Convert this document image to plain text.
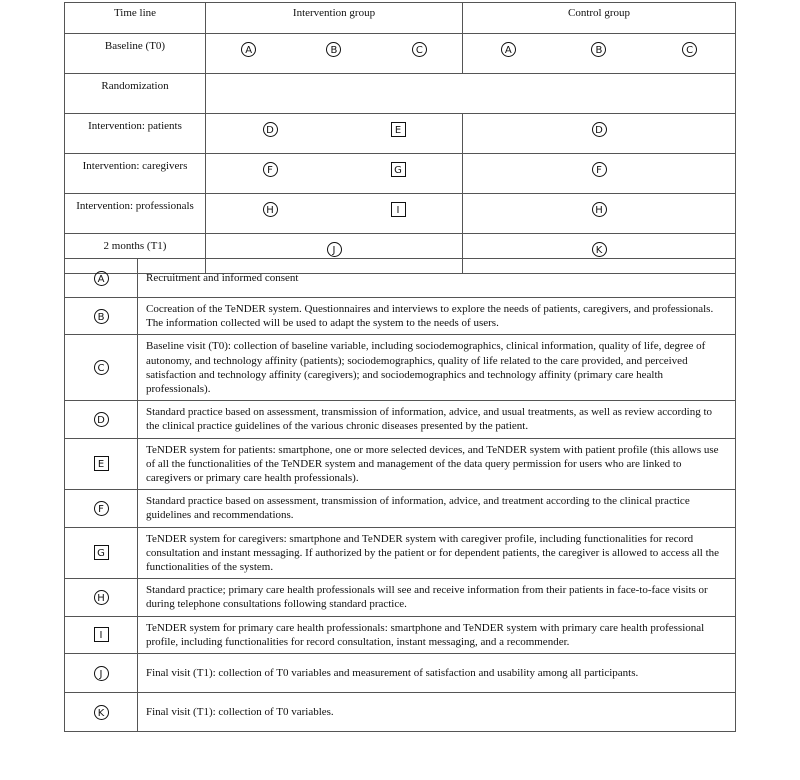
Time line	Intervention group	Control group
Baseline (T0)	A B C	A B C

Randomization		
Intervention: patients	D E	D

Intervention: caregivers	F G	F

Intervention: professionals	H I	H

2 months (T1)	J	K
A	Recruitment and informed consent
B	Cocreation of the TeNDER system. Questionnaires and interviews to explore the needs of patients, caregivers, and professionals. The information collected will be used to adapt the system to the needs of users.
C	Baseline visit (T0): collection of baseline variable, including sociodemographics, clinical information, quality of life, degree of autonomy, and technology affinity (patients); sociodemographics, quality of life related to the care provided, and perceived satisfaction and technology affinity (caregivers); and sociodemographics and technology affinity (primary care health professionals).
D	Standard practice based on assessment, transmission of information, advice, and usual treatments, as well as review according to the clinical practice guidelines of the various chronic diseases presented by the patient.
E	TeNDER system for patients: smartphone, one or more selected devices, and TeNDER system with patient profile (this allows use of all the functionalities of the TeNDER system and management of the data query permission for users who are linked to caregivers or primary care health professionals).
F	Standard practice based on assessment, transmission of information, advice, and treatment according to the clinical practice guidelines and recommendations.
G	TeNDER system for caregivers: smartphone and TeNDER system with caregiver profile, including functionalities for record consultation and instant messaging. If authorized by the patient or for dependent patients, the caregiver is allowed to access all the functionalities of the system.
H	Standard practice; primary care health professionals will see and receive information from their patients in face-to-face visits or during telephone consultations following standard practice.
I	TeNDER system for primary care health professionals: smartphone and TeNDER system with primary care health professional profile, including functionalities for record consultation, instant messaging, and a recommender.
J	Final visit (T1): collection of T0 variables and measurement of satisfaction and usability among all participants.
K	Final visit (T1): collection of T0 variables.
